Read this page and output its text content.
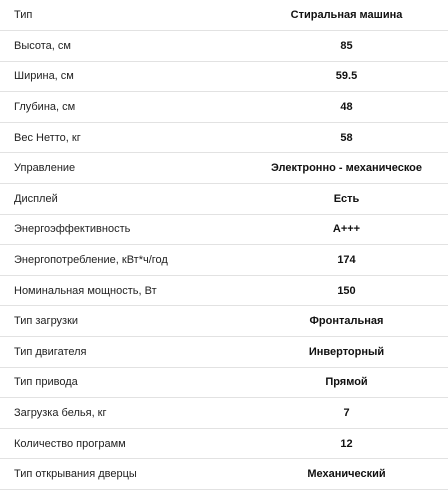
Тип	Стиральная машина
Высота, см	85
Ширина, см	59.5
Глубина, см	48
Вес Нетто, кг	58
Управление	Электронно - механическое
Дисплей	Есть
Энергоэффективность	A+++
Энергопотребление, кВт*ч/год	174
Номинальная мощность, Вт	150
Тип загрузки	Фронтальная
Тип двигателя	Инверторный
Тип привода	Прямой
Загрузка белья, кг	7
Количество программ	12
Тип открывания дверцы	Механический
